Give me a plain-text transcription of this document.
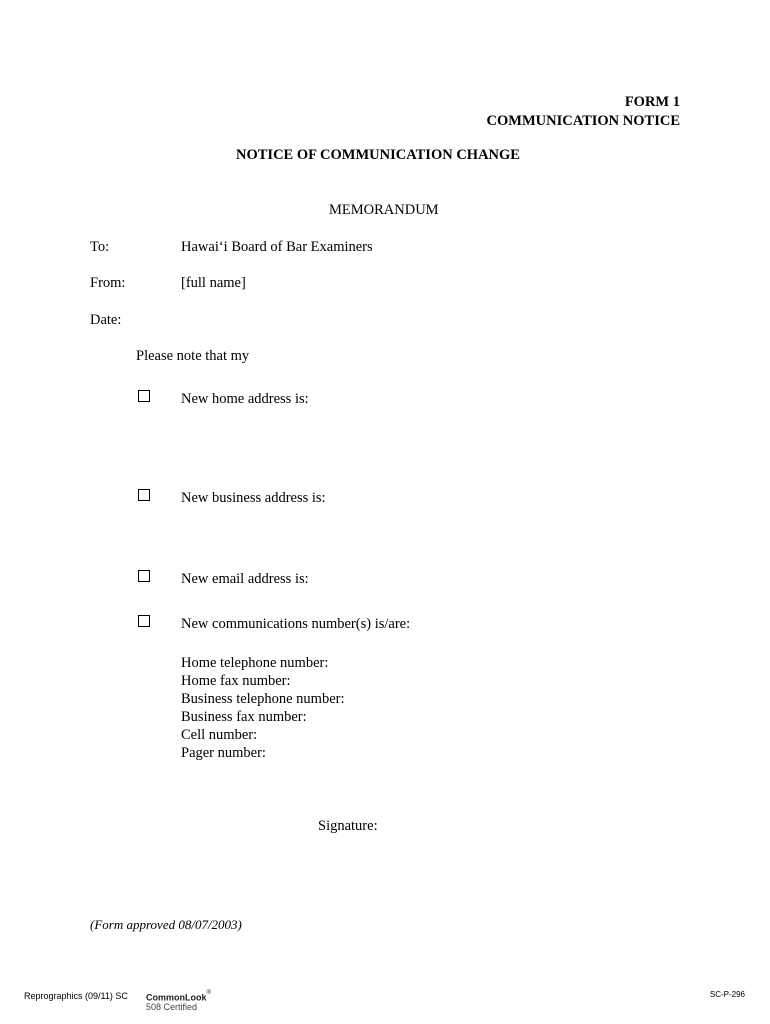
FORM 1
COMMUNICATION NOTICE
NOTICE OF COMMUNICATION CHANGE
MEMORANDUM
To:	Hawai‘i Board of Bar Examiners
From:	[full name]
Date:
Please note that my
New home address is:
New business address is:
New email address is:
New communications number(s) is/are:
Home telephone number:
Home fax number:
Business telephone number:
Business fax number:
Cell number:
Pager number:
Signature:
(Form approved 08/07/2003)
Reprographics (09/11) SC CommonLook®
508 Certified
SC-P-296
